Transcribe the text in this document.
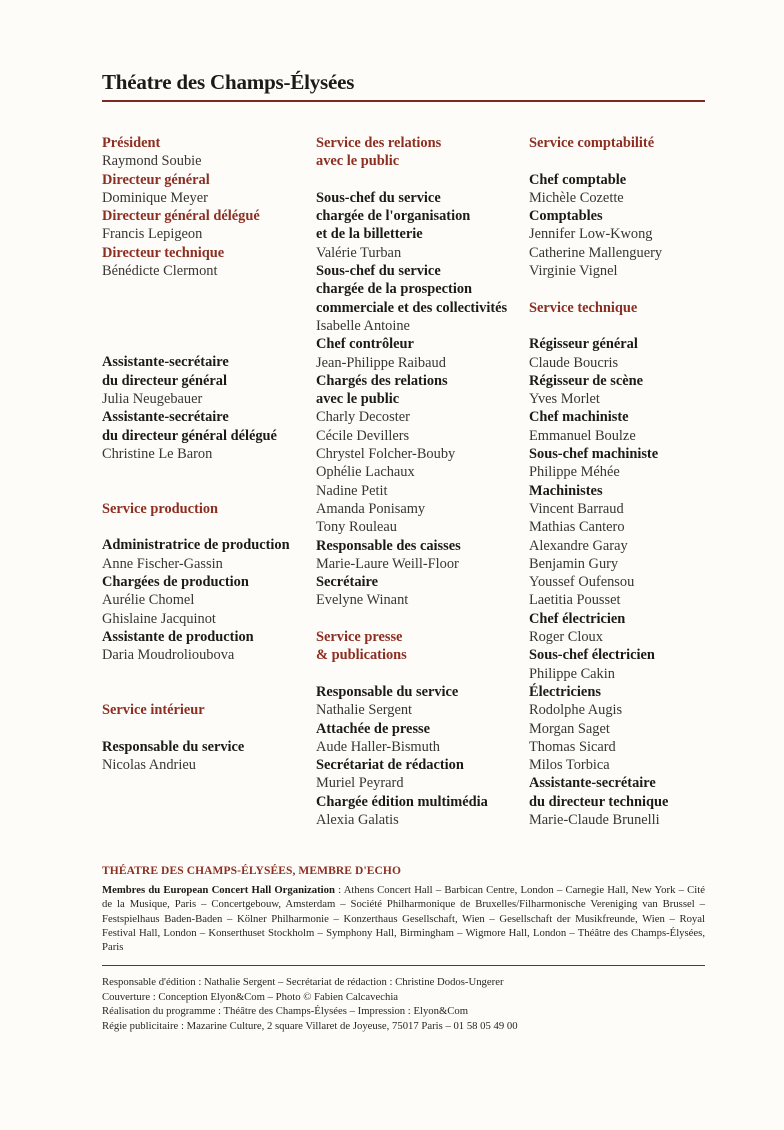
Théatre des Champs-Élysées
Président
Raymond Soubie
Directeur général
Dominique Meyer
Directeur général délégué
Francis Lepigeon
Directeur technique
Bénédicte Clermont
Assistante-secrétaire
du directeur général
Julia Neugebauer
Assistante-secrétaire
du directeur général délégué
Christine Le Baron
Service production
Administratrice de production
Anne Fischer-Gassin
Chargées de production
Aurélie Chomel
Ghislaine Jacquinot
Assistante de production
Daria Moudrolioubova
Service intérieur
Responsable du service
Nicolas Andrieu
Service des relations
avec le public
Sous-chef du service
chargée de l'organisation
et de la billetterie
Valérie Turban
Sous-chef du service
chargée de la prospection
commerciale et des collectivités
Isabelle Antoine
Chef contrôleur
Jean-Philippe Raibaud
Chargés des relations
avec le public
Charly Decoster
Cécile Devillers
Chrystel Folcher-Bouby
Ophélie Lachaux
Nadine Petit
Amanda Ponisamy
Tony Rouleau
Responsable des caisses
Marie-Laure Weill-Floor
Secrétaire
Evelyne Winant
Service presse
& publications
Responsable du service
Nathalie Sergent
Attachée de presse
Aude Haller-Bismuth
Secrétariat de rédaction
Muriel Peyrard
Chargée édition multimédia
Alexia Galatis
Service comptabilité
Chef comptable
Michèle Cozette
Comptables
Jennifer Low-Kwong
Catherine Mallenguery
Virginie Vignel
Service technique
Régisseur général
Claude Boucris
Régisseur de scène
Yves Morlet
Chef machiniste
Emmanuel Boulze
Sous-chef machiniste
Philippe Méhée
Machinistes
Vincent Barraud
Mathias Cantero
Alexandre Garay
Benjamin Gury
Youssef Oufensou
Laetitia Pousset
Chef électricien
Roger Cloux
Sous-chef électricien
Philippe Cakin
Électriciens
Rodolphe Augis
Morgan Saget
Thomas Sicard
Milos Torbica
Assistante-secrétaire
du directeur technique
Marie-Claude Brunelli
THÉATRE DES CHAMPS-ÉLYSÉES, MEMBRE D'ECHO
Membres du European Concert Hall Organization : Athens Concert Hall – Barbican Centre, London – Carnegie Hall, New York – Cité de la Musique, Paris – Concertgebouw, Amsterdam – Société Philharmonique de Bruxelles/Filharmonische Vereniging van Brussel – Festspielhaus Baden-Baden – Kölner Philharmonie – Konzerthaus Gesellschaft, Wien – Gesellschaft der Musikfreunde, Wien – Royal Festival Hall, London – Konserthuset Stockholm – Symphony Hall, Birmingham – Wigmore Hall, London – Théâtre des Champs-Élysées, Paris
Responsable d'édition : Nathalie Sergent – Secrétariat de rédaction : Christine Dodos-Ungerer
Couverture : Conception Elyon&Com – Photo © Fabien Calcavechia
Réalisation du programme : Théâtre des Champs-Élysées – Impression : Elyon&Com
Régie publicitaire : Mazarine Culture, 2 square Villaret de Joyeuse, 75017 Paris – 01 58 05 49 00
